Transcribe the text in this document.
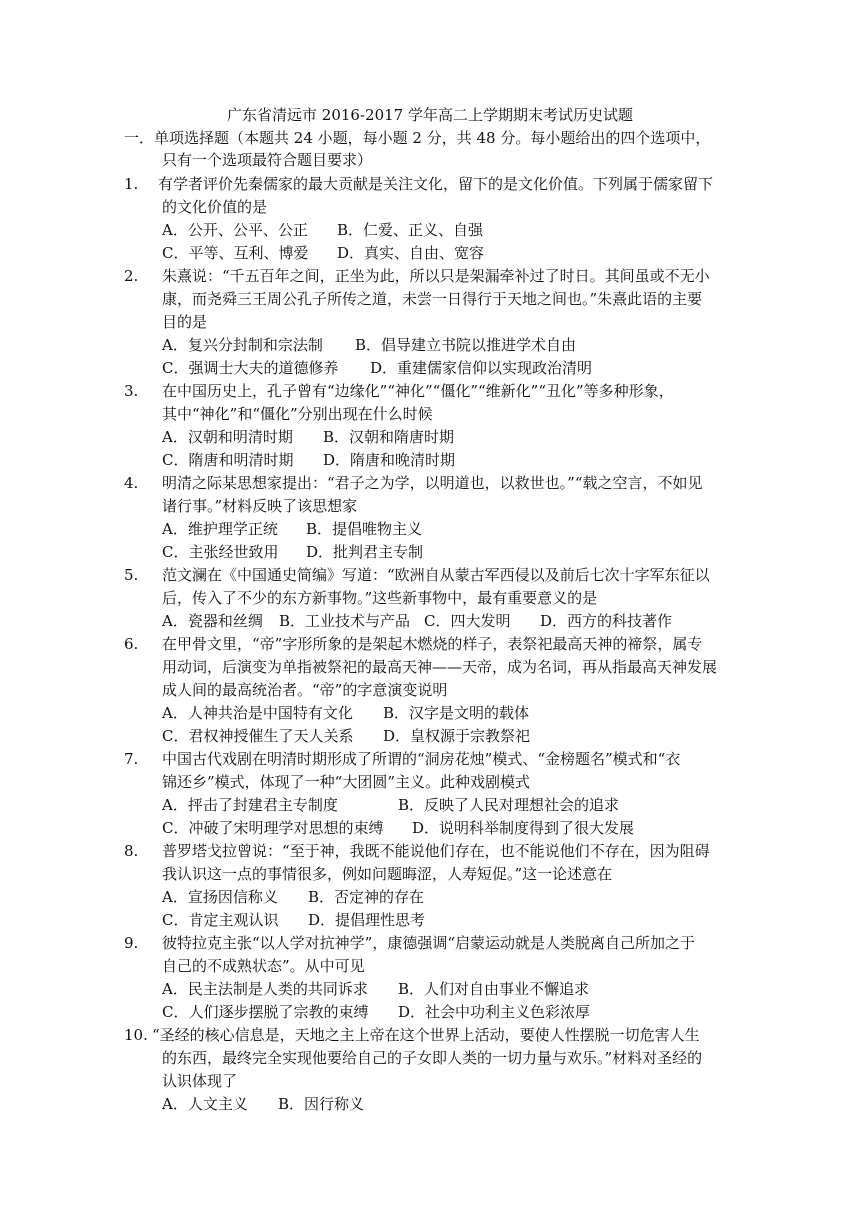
广东省清远市 2016-2017 学年高二上学期期末考试历史试题
一．单项选择题（本题共 24 小题，每小题 2 分，共 48 分。每小题给出的四个选项中，
只有一个选项最符合题目要求）
1. 有学者评价先秦儒家的最大贡献是关注文化，留下的是文化价值。下列属于儒家留下
的文化价值的是
A．公开、公平、公正 B．仁爱、正义、自强
C．平等、互利、博爱 D．真实、自由、宽容
2. 朱熹说：“千五百年之间，正坐为此，所以只是架漏牵补过了时日。其间虽或不无小
康，而尧舜三王周公孔子所传之道，未尝一日得行于天地之间也。”朱熹此语的主要
目的是
A．复兴分封制和宗法制 B．倡导建立书院以推进学术自由
C．强调士大夫的道德修养 D．重建儒家信仰以实现政治清明
3. 在中国历史上，孔子曾有“边缘化”“神化”“僵化”“维新化”“丑化”等多种形象，
其中“神化”和“僵化”分别出现在什么时候
A．汉朝和明清时期 B．汉朝和隋唐时期
C．隋唐和明清时期 D．隋唐和晚清时期
4. 明清之际某思想家提出：“君子之为学，以明道也，以救世也。”“载之空言，不如见
诸行事。”材料反映了该思想家
A．维护理学正统 B．提倡唯物主义
C．主张经世致用 D．批判君主专制
5. 范文澜在《中国通史简编》写道：“欧洲自从蒙古军西侵以及前后七次十字军东征以
后，传入了不少的东方新事物。”这些新事物中，最有重要意义的是
A．瓷器和丝绸 B．工业技术与产品 C．四大发明 D．西方的科技著作
6. 在甲骨文里，“帝”字形所象的是架起木燃烧的样子，表祭祀最高天神的禘祭，属专
用动词，后演变为单指被祭祀的最高天神——天帝，成为名词，再从指最高天神发展
成人间的最高统治者。“帝”的字意演变说明
A．人神共治是中国特有文化 B．汉字是文明的载体
C．君权神授催生了天人关系 D．皇权源于宗教祭祀
7. 中国古代戏剧在明清时期形成了所谓的“洞房花烛”模式、“金榜题名”模式和“衣
锦还乡”模式，体现了一种“大团圆”主义。此种戏剧模式
A．抨击了封建君主专制度	B．反映了人民对理想社会的追求
C．冲破了宋明理学对思想的束缚 D．说明科举制度得到了很大发展
8. 普罗塔戈拉曾说：“至于神，我既不能说他们存在，也不能说他们不存在，因为阻碍
我认识这一点的事情很多，例如问题晦涩，人寿短促。”这一论述意在
A．宣扬因信称义 B．否定神的存在
C．肯定主观认识 D．提倡理性思考
9. 彼特拉克主张“以人学对抗神学”，康德强调“启蒙运动就是人类脱离自己所加之于
自己的不成熟状态”。从中可见
A．民主法制是人类的共同诉求 B．人们对自由事业不懈追求
C．人们逐步摆脱了宗教的束缚 D．社会中功利主义色彩浓厚
10. “圣经的核心信息是，天地之主上帝在这个世界上活动，要使人性摆脱一切危害人生
的东西，最终完全实现他要给自己的子女即人类的一切力量与欢乐。”材料对圣经的
认识体现了
A．人文主义 B．因行称义
